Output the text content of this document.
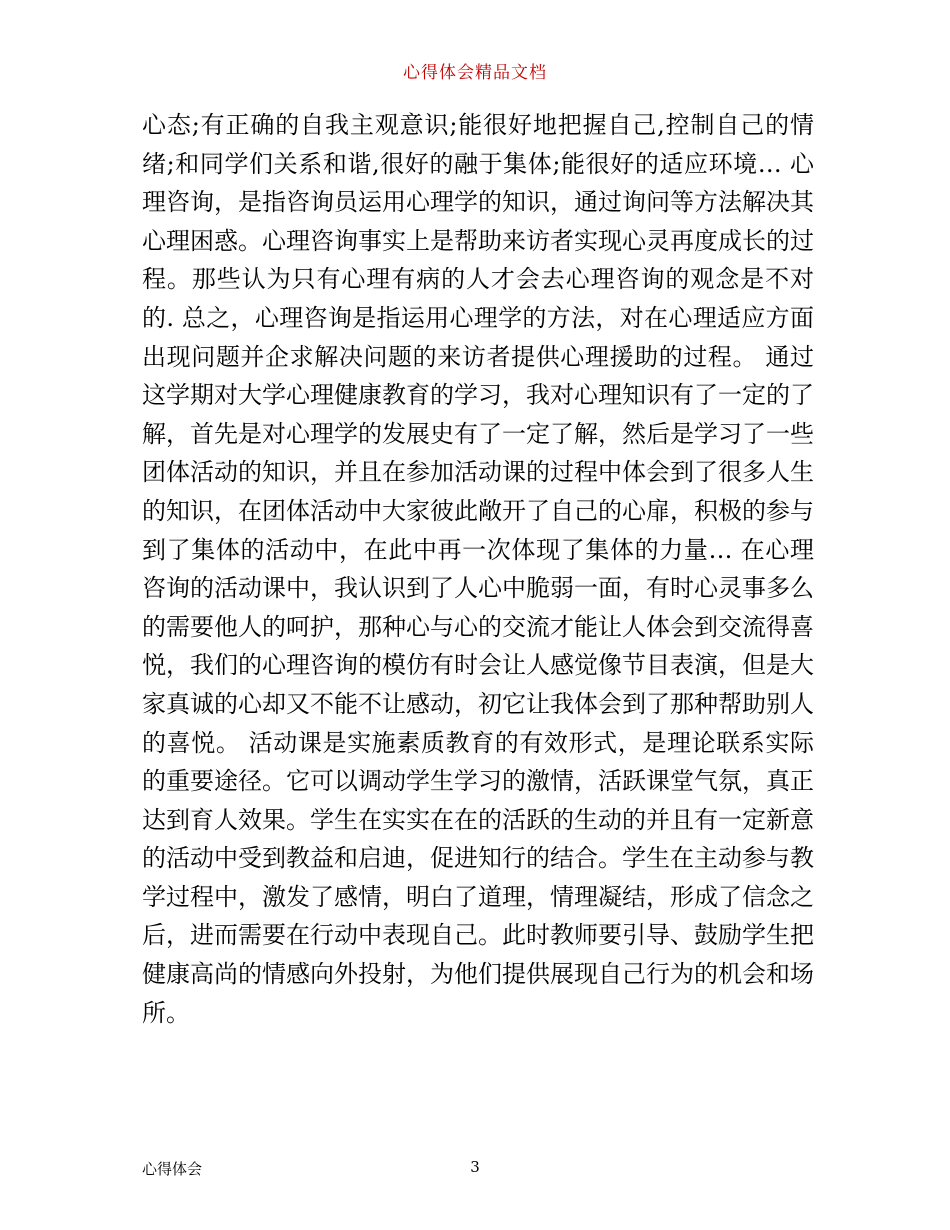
心得体会精品文档
心态;有正确的自我主观意识;能很好地把握自己,控制自己的情绪;和同学们关系和谐,很好的融于集体;能很好的适应环境… 心理咨询，是指咨询员运用心理学的知识，通过询问等方法解决其心理困惑。心理咨询事实上是帮助来访者实现心灵再度成长的过程。那些认为只有心理有病的人才会去心理咨询的观念是不对的. 总之，心理咨询是指运用心理学的方法，对在心理适应方面出现问题并企求解决问题的来访者提供心理援助的过程。 通过这学期对大学心理健康教育的学习，我对心理知识有了一定的了解，首先是对心理学的发展史有了一定了解，然后是学习了一些团体活动的知识，并且在参加活动课的过程中体会到了很多人生的知识，在团体活动中大家彼此敞开了自己的心扉，积极的参与到了集体的活动中，在此中再一次体现了集体的力量… 在心理咨询的活动课中，我认识到了人心中脆弱一面，有时心灵事多么的需要他人的呵护，那种心与心的交流才能让人体会到交流得喜悦，我们的心理咨询的模仿有时会让人感觉像节目表演，但是大家真诚的心却又不能不让感动，初它让我体会到了那种帮助别人的喜悦。 活动课是实施素质教育的有效形式，是理论联系实际的重要途径。它可以调动学生学习的激情，活跃课堂气氛，真正达到育人效果。学生在实实在在的活跃的生动的并且有一定新意的活动中受到教益和启迪，促进知行的结合。学生在主动参与教学过程中，激发了感情，明白了道理，情理凝结，形成了信念之后，进而需要在行动中表现自己。此时教师要引导、鼓励学生把健康高尚的情感向外投射，为他们提供展现自己行为的机会和场所。
心得体会	3
